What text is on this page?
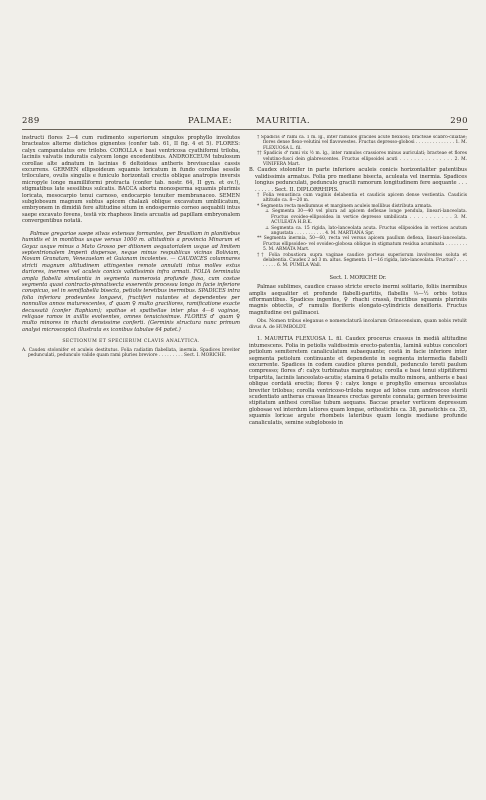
289	PALMAE:	MAURITIA.	290

instructi flores 2—4 cum rudimento superiorum singulos prophyllo involutos bracteatos alterne distichos gignentes (confer tab. 61, II fig. 4 et 5). FLORES: calyx campanulatus ore trilobo. COROLLA e basi ventricosa cyathiformi triloba, laciniis valvatis induratis calycem longe excedentibus. ANDROECEUM tubulosum corollae alte adnatum in lacinias 6 deltoideas antheris breviusculas cassis excurrens. GERMEN ellipsoideum squamis loricatum in fundo corollae sessile triloculare, ovulis singulis e funiculo horizontali crectis oblique anatropis inversis micropyle longe mamilliformi protracta (confer tab. nostr. 64, II gyn. et ov.!), stigmatibus late sessilibus sulcatis. BACCA abortu monosperma squamis plurimis loricata, mesocarpio tenui carnoso, endocarpio tenuiter membranaceo. SEMEN subglobosum magnum subtus apicem chalazā oblique excavatum umbilicatum, embryonem in dimidiā fere altitudine situm in endospermio corneo aequabili intus saepe excavato fovens, testā vix rhapheos lineis arcuatis ad papillam embryonalem convergentibus notatā.

Palmae gregariae saepe silvas extensas formantes, per Brasiliam in planitiebus humidis et in montibus usque versus 1000 m. altitudinis a provincia Minarum et Goyaz usque minus a Mato Grosso per ditionem aequatorialem usque ad limitem septentrionalem Imperii dispersae, neque minus respublicas vicinas Boliviam, Novam Granatam, Venezuelam et Guianam incolentes. — CAUDICES columnares stricti magnum altitudinem attingentes remote annulati intus molles extus duriores, inermes vel aculeis conicis validissimis infra armati. FOLIA terminalia ampla flabella simulantia in segmenta numerosia profunde fissa, cum costae segmenta quasi contracto-pinnatisecta exserentis processu longo in facie inferiore conspicuo, vel in semiflabella bisecta, petiolis teretibus inermibus. SPADICES intra folia inferiora prodeuntes longaevi, fructiferi nutantes et dependentes per nonnullos annos maturescentes, ♂ quam ♀ multo graciliores, ramificatione exacte decussatā (confer Raphiam); spathae et spathellae inter plus 4—6 vaginae, reliquae ramos in axillis evolventes, omnes tenuicissimae. FLORES ♂ quam ♀ multo minores in rhachi densissime conferti. (Germinis structura nunc primum analysi microscopicā illustrata ex iconibus tabulae 64 patet.)

SECTIONUM ET SPECIERUM CLAVIS ANALYTICA.

A. Caudex stolonifer et aculeis destitutus. Folia radiatim flabellata, inermia. Spadices breviter pedunculati, pedunculo valide quam rami pluries breviore . . . . . . . . . Sect. I. MORICHE.

† Spadicis ♂ rami ca. 1 m. lg., inter ramulos graciles acute flexuosi; bracteae scabro-ciliatae; flores dense flexo-velutini vel flavowestes. Fructus depresso-globosi . . . . . . . . . . . . . . 1. M. FLEXUOSA L. fil.

†† Spadicis ♂ rami vix ½ m. lg., inter ramulos crassiores minus auriculati; bracteae et flores velutino-fusci dein glabrescentes. Fructus ellipsoidei acuti . . . . . . . . . . . . . . . 2. M. VINIFERA Mart.

B. Caudex stolonifer in parte inferiore aculeis conicis horizontaliter patentibus validissimis armatus. Folia pro mediane bisecta, aculeata vel inermia. Spadices longius pedunculati, pedunculo gracili ramorum longitudinem fere aequante . . . . . . . . . Sect. II. DIPLORRHIPIS.

† Folia venustinca cum vaginis delabentia et caudicis apicem dense vestientia. Caudicis altitudo ca. 8—20 m.

* Segmenta recta mediumnus et marginem aculeis mollibus distributa armata.

⊥ Segmenta 30—40 vel plura ad apicem deflexae longe pendula, lineari-lanceolata. Fructus ovoideo-ellipsoidea in vertice depresso umbilicata . . . . . . . . . . . 3. M. ACULEATA H.B.K.

⊥ Segmenta ca. 15 rigida, lato-lanceolata acuta. Fructus ellipsoidea in vertices acutum angustata . . . . . . . . . . . 4. M. MARTIANA Spr.

** Segmenta inermia, 50—60, recta vel versus apicem paullum deflexa, lineari-lanceolata. Fructus ellipsoideo- vel ovoideo-globosa oblique in stigmatum residua acuminata . . . . . . . . 5. M. ARMATA Mart.

†† Folia robustiora supra vaginae caudice porteus superiorum involventes soluta et delabentia. Caudex 2 ad 3 m. altus. Segmenta 11—16 rigida, lato-lanceolata. Fructus? . . . . . . . . . 6. M. PUMILA Wall.

Sect. I. MORICHE Dr.

Palmae sublimes, caudice crasso stricte erecto inermi solitario, foliis inermibus amplis aequaliter et profunde flabelli-partitis, flabellis ⅓—½ orbis totius efformantibus. Spadices ingentes, ♀ rhachi crassā, fructibus squamis pluriniis magnis obtectis, ♂ ramulis floriferis elongato-cylindricis densifloris. Fructus magnitudine ovi gallinacei.

Obs. Nomen tribus eleganus e nomenclaturā incolarum Orinocensium, quam nobis retulit divus A. de HUMBOLDT.

1. MAURITIA FLEXUOSA L. fil. Caudex procerus crassus in mediā altitudine intumescens. Folia in petiolis validissimis erecto-patentia, laminā subtus concolori petiolum semiteretem canaliculatum subaequante; costā in facie inferiore inter segmenta petiolum continuante et dependente in segmenta intermedia flabelli excurrente. Spadices in codem caudice plures penduli, pedunculo tereti paulum compresso; flores ♂: calyx turbinatus marginatus; corolla e basi tenui stipitiformi tripartita, laciniis lanceolato-acutis; stamina 6 petalis multo minora, antheris e basi oblique cordatā erectis; flores ♀: calyx longe e prophyllo emersus urceolatus breviter trilobus; corolla ventricoso-triloba neque ad lobos cum androeceo sterili scudentiato antheras crassas lineares crectas gerente connata; germen brevissime stipitatum anthesi corollae tubum aequans. Baccae praeter verticem depressum globosae vel interdum latiores quam longae, orthostichis ca. 38, parastichis ca. 35, squamis loricae argute rhombeis lateribus quam longis mediane profunde canaliculatis, semine subglobosio in
